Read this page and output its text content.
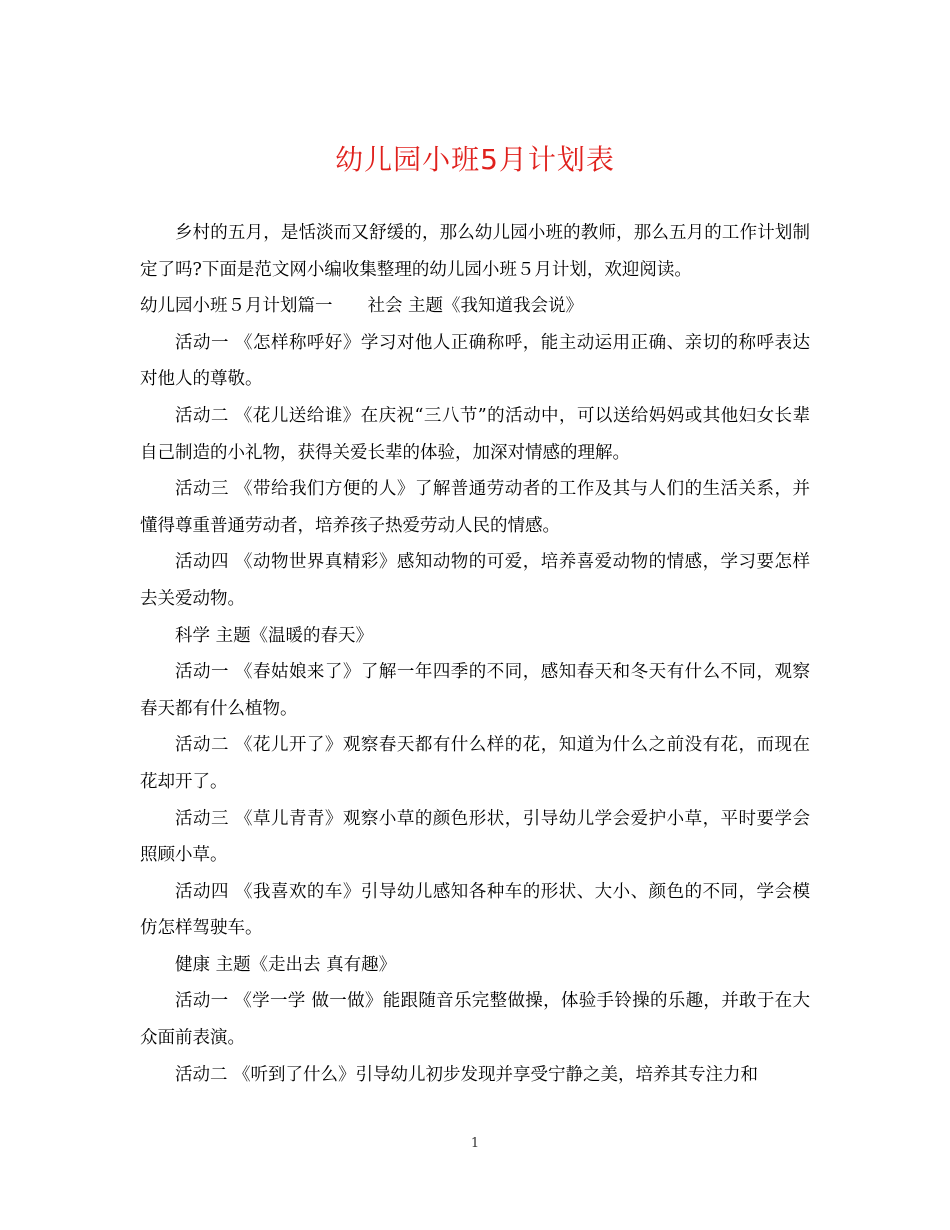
幼儿园小班5月计划表

乡村的五月，是恬淡而又舒缓的，那么幼儿园小班的教师，那么五月的工作计划制定了吗?下面是范文网小编收集整理的幼儿园小班５月计划，欢迎阅读。

幼儿园小班５月计划篇一　　社会 主题《我知道我会说》

活动一 《怎样称呼好》学习对他人正确称呼，能主动运用正确、亲切的称呼表达对他人的尊敬。

活动二 《花儿送给谁》在庆祝“三八节”的活动中，可以送给妈妈或其他妇女长辈自己制造的小礼物，获得关爱长辈的体验，加深对情感的理解。

活动三 《带给我们方便的人》了解普通劳动者的工作及其与人们的生活关系，并懂得尊重普通劳动者，培养孩子热爱劳动人民的情感。

活动四 《动物世界真精彩》感知动物的可爱，培养喜爱动物的情感，学习要怎样去关爱动物。

科学 主题《温暖的春天》

活动一 《春姑娘来了》了解一年四季的不同，感知春天和冬天有什么不同，观察春天都有什么植物。

活动二 《花儿开了》观察春天都有什么样的花，知道为什么之前没有花，而现在花却开了。

活动三 《草儿青青》观察小草的颜色形状，引导幼儿学会爱护小草，平时要学会照顾小草。

活动四 《我喜欢的车》引导幼儿感知各种车的形状、大小、颜色的不同，学会模仿怎样驾驶车。

健康 主题《走出去 真有趣》

活动一 《学一学 做一做》能跟随音乐完整做操，体验手铃操的乐趣，并敢于在大众面前表演。

活动二 《听到了什么》引导幼儿初步发现并享受宁静之美，培养其专注力和

1
